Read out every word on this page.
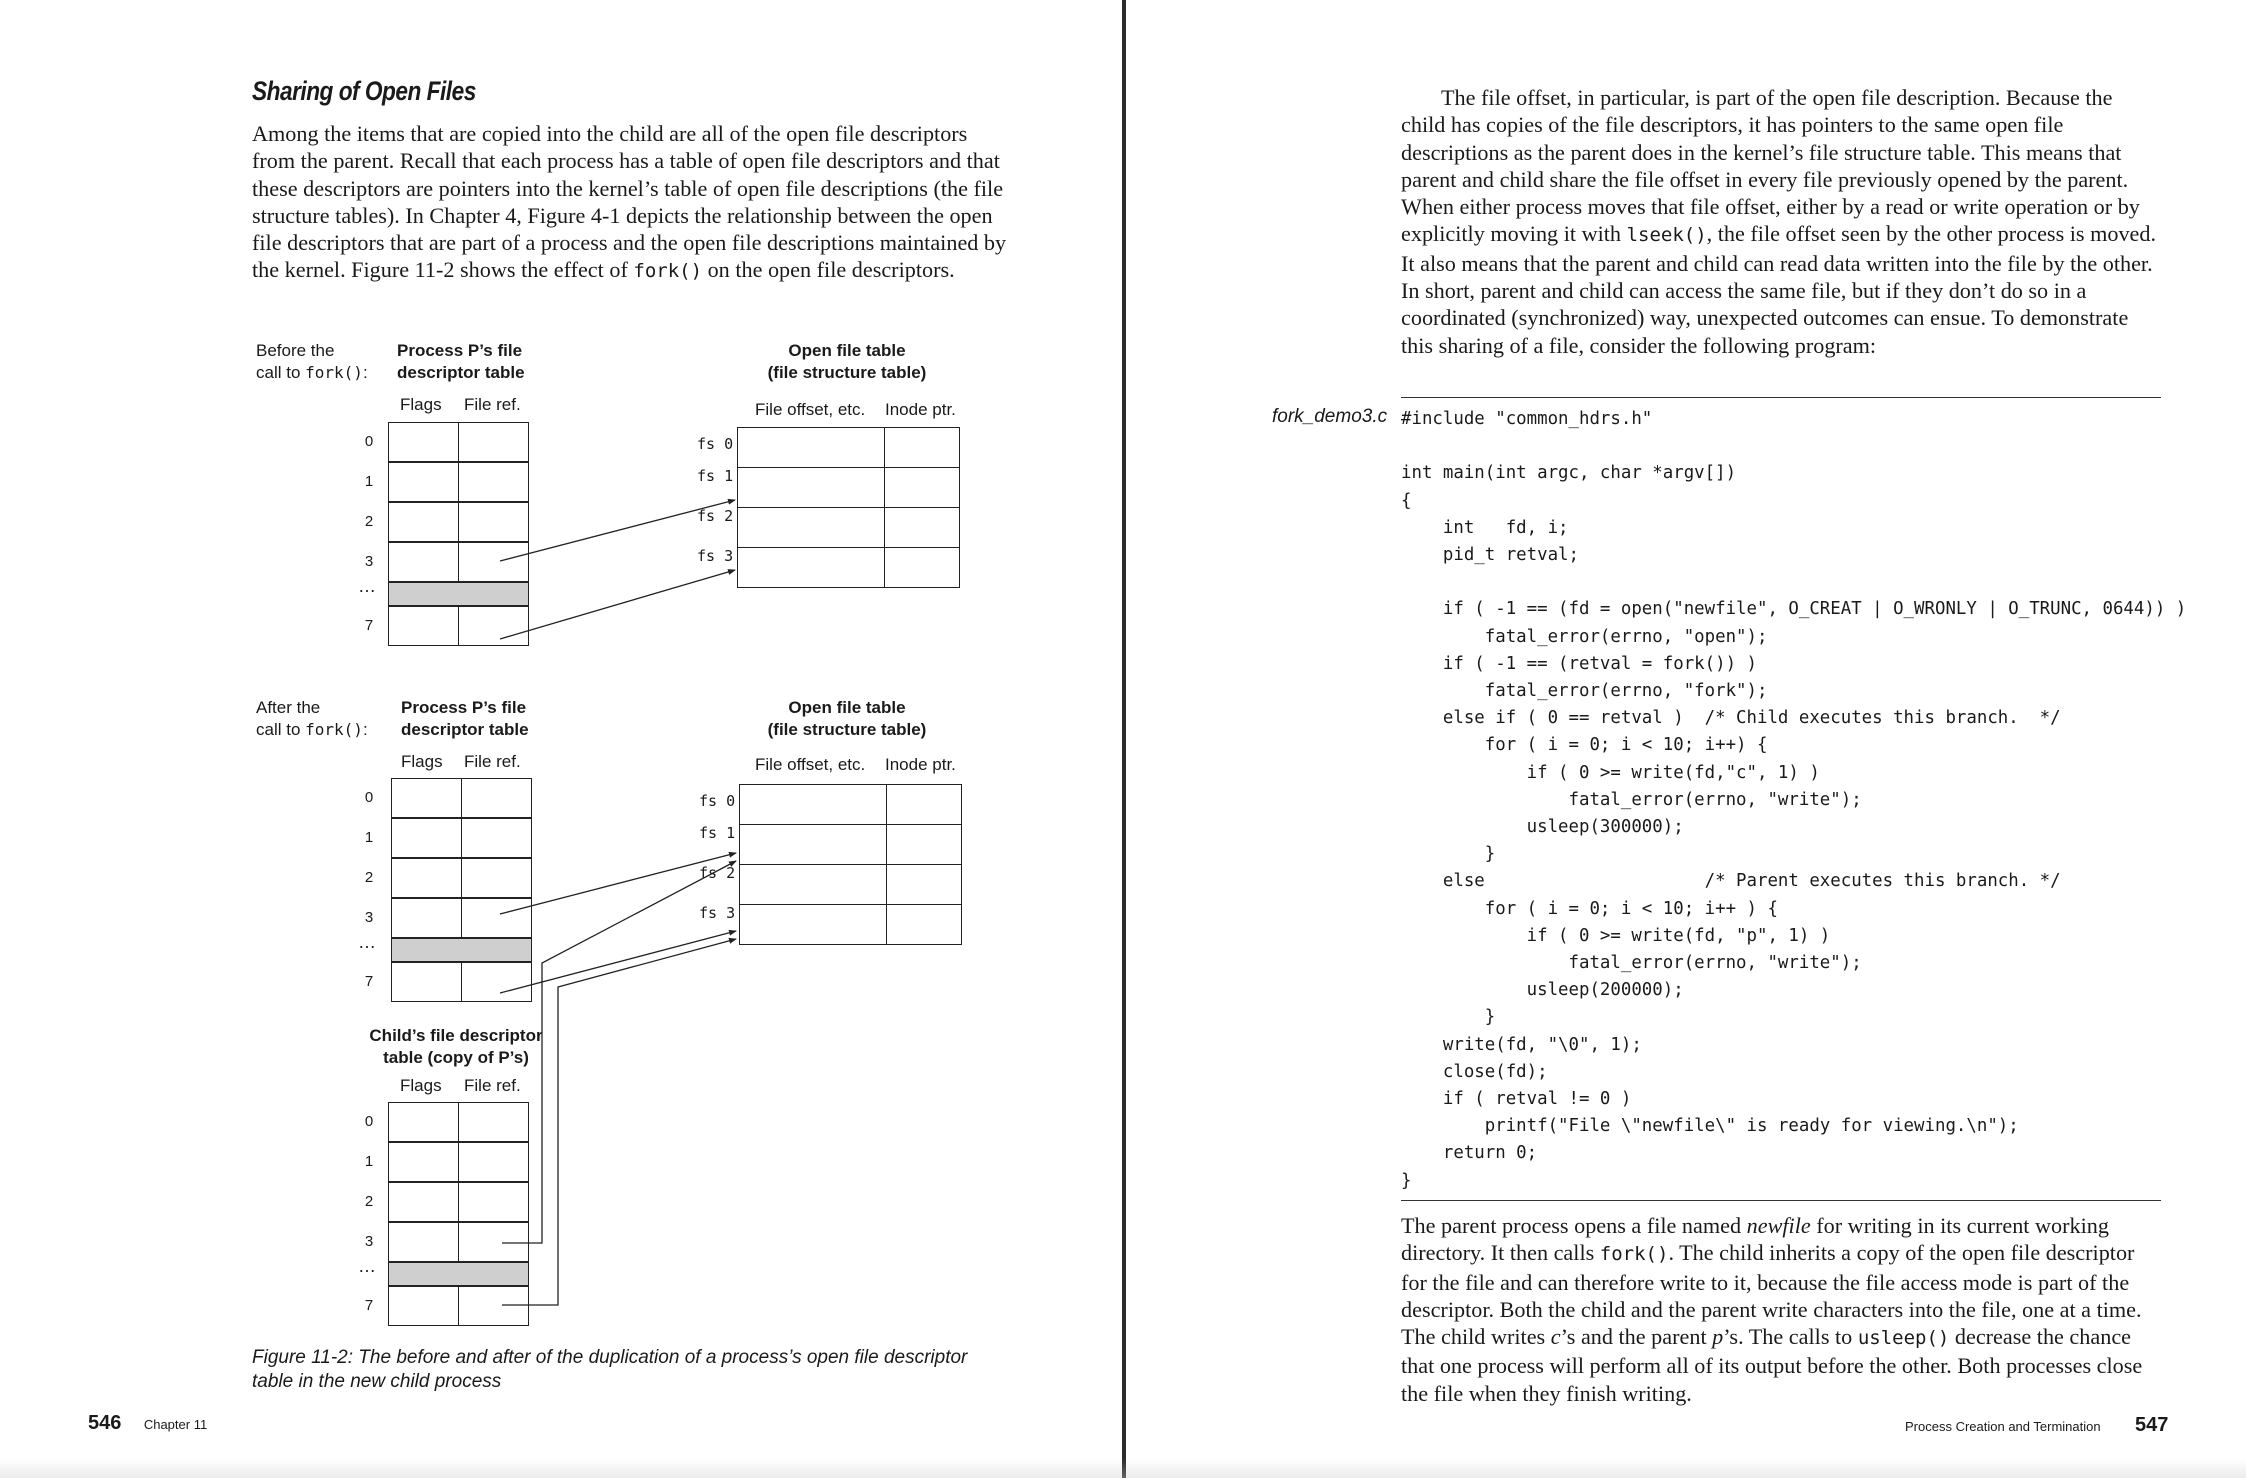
Sharing of Open Files

Among the items that are copied into the child are all of the open file descriptors from the parent. Recall that each process has a table of open file descriptors and that these descriptors are pointers into the kernel’s table of open file descriptions (the file structure tables). In Chapter 4, Figure 4-1 depicts the relationship between the open file descriptors that are part of a process and the open file descriptions maintained by the kernel. Figure 11-2 shows the effect of fork() on the open file descriptors.

Before the
call to fork():
Process P’s file
descriptor table
Flags File ref.
Open file table
(file structure table)
File offset, etc. Inode ptr.
After the
call to fork():
Process P’s file
descriptor table
Flags File ref.
Open file table
(file structure table)
File offset, etc. Inode ptr.
Child’s file descriptor
table (copy of P’s)
Flags File ref.
0
1
2
3
…
7
fs 0
fs 1
fs 2
fs 3
0
1
2
3
…
7
fs 0
fs 1
fs 2
fs 3
0
1
2
3
…
7

Figure 11-2: The before and after of the duplication of a process’s open file descriptor table in the new child process

546 Chapter 11

The file offset, in particular, is part of the open file description. Because the child has copies of the file descriptors, it has pointers to the same open file descriptions as the parent does in the kernel’s file structure table. This means that parent and child share the file offset in every file previously opened by the parent. When either process moves that file offset, either by a read or write operation or by explicitly moving it with lseek(), the file offset seen by the other process is moved. It also means that the parent and child can read data written into the file by the other. In short, parent and child can access the same file, but if they don’t do so in a coordinated (synchronized) way, unexpected outcomes can ensue. To demonstrate this sharing of a file, consider the following program:

fork_demo3.c #include "common_hdrs.h"

int main(int argc, char *argv[])
{
int   fd, i;
pid_t retval;

if ( -1 == (fd = open("newfile", O_CREAT | O_WRONLY | O_TRUNC, 0644)) )
fatal_error(errno, "open");
if ( -1 == (retval = fork()) )
fatal_error(errno, "fork");
else if ( 0 == retval )  /* Child executes this branch.  */
for ( i = 0; i < 10; i++) {
if ( 0 >= write(fd,"c", 1) )
fatal_error(errno, "write");
usleep(300000);
}
else                     /* Parent executes this branch. */
for ( i = 0; i < 10; i++ ) {
if ( 0 >= write(fd, "p", 1) )
fatal_error(errno, "write");
usleep(200000);
}
write(fd, "\0", 1);
close(fd);
if ( retval != 0 )
printf("File \"newfile\" is ready for viewing.\n");
return 0;
}

The parent process opens a file named newfile for writing in its current working directory. It then calls fork(). The child inherits a copy of the open file descriptor for the file and can therefore write to it, because the file access mode is part of the descriptor. Both the child and the parent write characters into the file, one at a time. The child writes c’s and the parent p’s. The calls to usleep() decrease the chance that one process will perform all of its output before the other. Both processes close the file when they finish writing.

Process Creation and Termination 547
